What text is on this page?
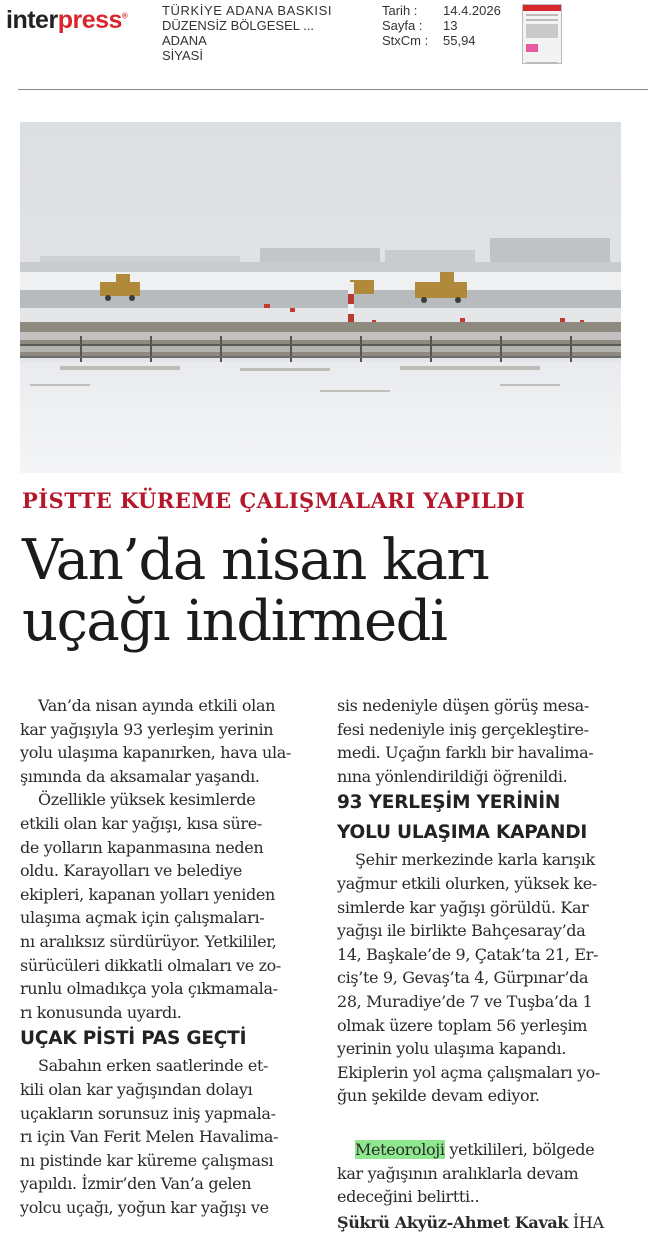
interpress®	TÜRKİYE ADANA BASKISI
DÜZENSİZ BÖLGESEL ...
ADANA
SİYASİ
Tarih : 14.4.2026
Sayfa : 13
StxCm : 55,94
PİSTTE KÜREME ÇALIŞMALARI YAPILDI
Van’da nisan karı
uçağı indirmedi

Van’da nisan ayında etkili olan

kar yağışıyla 93 yerleşim yerinin

yolu ulaşıma kapanırken, hava ula-

şımında da aksamalar yaşandı.

Özellikle yüksek kesimlerde

etkili olan kar yağışı, kısa süre-

de yolların kapanmasına neden

oldu. Karayolları ve belediye

ekipleri, kapanan yolları yeniden

ulaşıma açmak için çalışmaları-

nı aralıksız sürdürüyor. Yetkililer,

sürücüleri dikkatli olmaları ve zo-

runlu olmadıkça yola çıkmamala-

rı konusunda uyardı.

UÇAK PİSTİ PAS GEÇTİ

Sabahın erken saatlerinde et-

kili olan kar yağışından dolayı

uçakların sorunsuz iniş yapmala-

rı için Van Ferit Melen Havalima-

nı pistinde kar küreme çalışması

yapıldı. İzmir’den Van’a gelen

yolcu uçağı, yoğun kar yağışı ve

sis nedeniyle düşen görüş mesa-

fesi nedeniyle iniş gerçekleştire-

medi. Uçağın farklı bir havalima-

nına yönlendirildiği öğrenildi.

93 YERLEŞİM YERİNİN

YOLU ULAŞIMA KAPANDI

Şehir merkezinde karla karışık

yağmur etkili olurken, yüksek ke-

simlerde kar yağışı görüldü. Kar

yağışı ile birlikte Bahçesaray’da

14, Başkale’de 9, Çatak’ta 21, Er-

ciş’te 9, Gevaş’ta 4, Gürpınar’da

28, Muradiye’de 7 ve Tuşba’da 1

olmak üzere toplam 56 yerleşim

yerinin yolu ulaşıma kapandı.

Ekiplerin yol açma çalışmaları yo-

ğun şekilde devam ediyor.

Meteoroloji yetkilileri, bölgede

kar yağışının aralıklarla devam

edeceğini belirtti..

Şükrü Akyüz-Ahmet Kavak İHA
